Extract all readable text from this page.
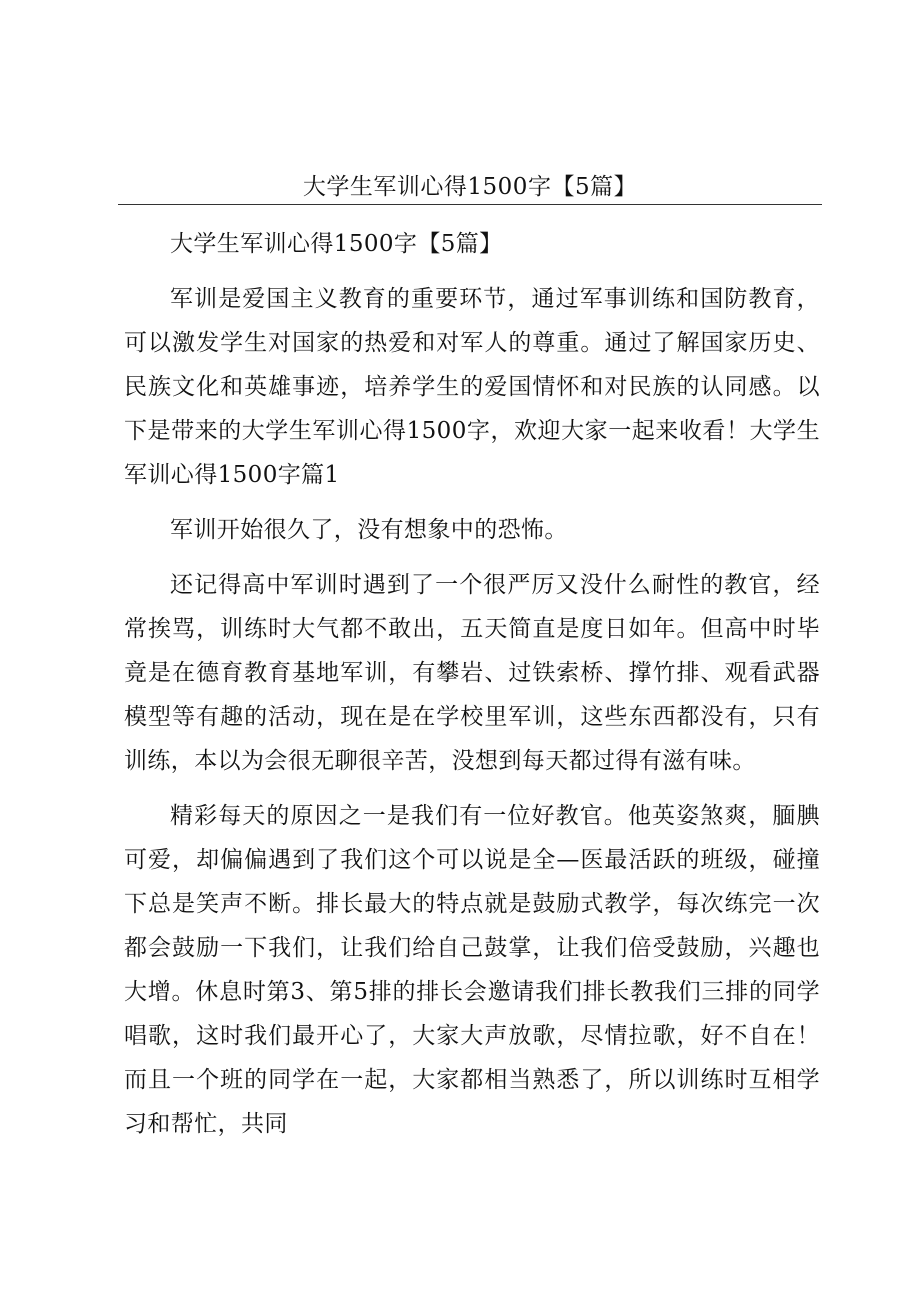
大学生军训心得1500字【5篇】

大学生军训心得1500字【5篇】

军训是爱国主义教育的重要环节，通过军事训练和国防教育，可以激发学生对国家的热爱和对军人的尊重。通过了解国家历史、民族文化和英雄事迹，培养学生的爱国情怀和对民族的认同感。以下是带来的大学生军训心得1500字，欢迎大家一起来收看！大学生军训心得1500字篇1

军训开始很久了，没有想象中的恐怖。

还记得高中军训时遇到了一个很严厉又没什么耐性的教官，经常挨骂，训练时大气都不敢出，五天简直是度日如年。但高中时毕竟是在德育教育基地军训，有攀岩、过铁索桥、撑竹排、观看武器模型等有趣的活动，现在是在学校里军训，这些东西都没有，只有训练，本以为会很无聊很辛苦，没想到每天都过得有滋有味。

精彩每天的原因之一是我们有一位好教官。他英姿煞爽，腼腆可爱，却偏偏遇到了我们这个可以说是全—医最活跃的班级，碰撞下总是笑声不断。排长最大的特点就是鼓励式教学，每次练完一次都会鼓励一下我们，让我们给自己鼓掌，让我们倍受鼓励，兴趣也大增。休息时第3、第5排的排长会邀请我们排长教我们三排的同学唱歌，这时我们最开心了，大家大声放歌，尽情拉歌，好不自在！而且一个班的同学在一起，大家都相当熟悉了，所以训练时互相学习和帮忙，共同
